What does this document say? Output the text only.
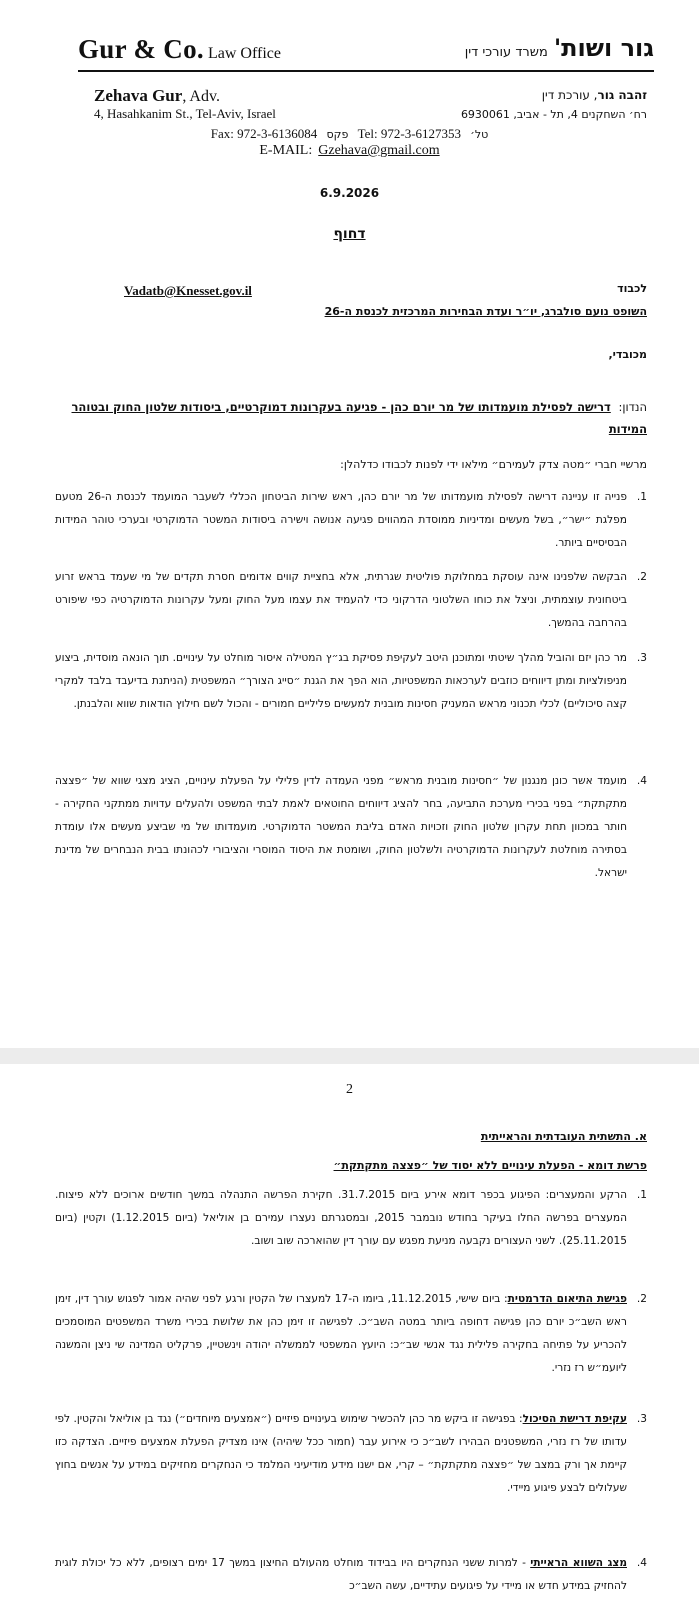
Gur & Co. Law Office	גור ושות'משרד עורכי דין
Zehava Gur, Adv.
4, Hasahkanim St., Tel-Aviv, Israel
זהבה גור, עורכת דין
רח׳ השחקנים 4, תל - אביב, 6930061
Fax: 972-3-6136084 פקס Tel: 972-3-6127353 טל׳
E-MAIL: Gzehava@gmail.com
6.9.2026
דחוף
לכבוד
Vadatb@Knesset.gov.il
השופט נועם סולברג, יו״ר ועדת הבחירות המרכזית לכנסת ה-26
מכובדי,
הנדון: דרישה לפסילת מועמדותו של מר יורם כהן - פגיעה בעקרונות דמוקרטיים, ביסודות שלטון החוק ובטוהר המידות
מרשיי חברי ״מטה צדק לעמירם״ מילאו ידי לפנות לכבודו כדלהלן:
1.
פנייה זו עניינה דרישה לפסילת מועמדותו של מר יורם כהן, ראש שירות הביטחון הכללי לשעבר המועמד לכנסת ה-26 מטעם מפלגת ״ישר״, בשל מעשים ומדיניות ממוסדת המהווים פגיעה אנושה וישירה ביסודות המשטר הדמוקרטי ובערכי טוהר המידות הבסיסיים ביותר.
2.
הבקשה שלפנינו אינה עוסקת במחלוקת פוליטית שגרתית, אלא בחציית קווים אדומים חסרת תקדים של מי שעמד בראש זרוע ביטחונית עוצמתית, וניצל את כוחו השלטוני הדרקוני כדי להעמיד את עצמו מעל החוק ומעל עקרונות הדמוקרטיה כפי שיפורט בהרחבה בהמשך.
3.
מר כהן יזם והוביל מהלך שיטתי ומתוכנן היטב לעקיפת פסיקת בג״ץ המטילה איסור מוחלט על עינויים. תוך הונאה מוסדית, ביצוע מניפולציות ומתן דיווחים כוזבים לערכאות המשפטיות, הוא הפך את הגנת ״סייג הצורך״ המשפטית (הניתנת בדיעבד בלבד למקרי קצה סיכוליים) לכלי תכנוני מראש המעניק חסינות מובנית למעשים פליליים חמורים - והכול לשם חילוץ הודאות שווא והלבנתן.
4.
מועמד אשר כונן מנגנון של ״חסינות מובנית מראש״ מפני העמדה לדין פלילי על הפעלת עינויים, הציג מצגי שווא של ״פצצה מתקתקת״ בפני בכירי מערכת התביעה, בחר להציג דיווחים החוטאים לאמת לבתי המשפט ולהעלים עדויות ממתקני החקירה - חותר במכוון תחת עקרון שלטון החוק וזכויות האדם בליבת המשטר הדמוקרטי. מועמדותו של מי שביצע מעשים אלו עומדת בסתירה מוחלטת לעקרונות הדמוקרטיה ולשלטון החוק, ושומטת את היסוד המוסרי והציבורי לכהונתו בבית הנבחרים של מדינת ישראל.
2
א. התשתית העובדתית והראייתית
פרשת דומא - הפעלת עינויים ללא יסוד של ״פצצה מתקתקת״
1.
הרקע והמעצרים: הפיגוע בכפר דומא אירע ביום 31.7.2015. חקירת הפרשה התנהלה במשך חודשים ארוכים ללא פיצוח. המעצרים בפרשה החלו בעיקר בחודש נובמבר 2015, ובמסגרתם נעצרו עמירם בן אוליאל (ביום 1.12.2015) וקטין (ביום 25.11.2015). לשני העצורים נקבעה מניעת מפגש עם עורך דין שהוארכה שוב ושוב.
2.
פגישת התיאום הדרמטית: ביום שישי, 11.12.2015, ביומו ה-17 למעצרו של הקטין ורגע לפני שהיה אמור לפגוש עורך דין, זימן ראש השב״כ יורם כהן פגישה דחופה ביותר במטה השב״כ. לפגישה זו זימן כהן את שלושת בכירי משרד המשפטים המוסמכים להכריע על פתיחה בחקירה פלילית נגד אנשי שב״כ: היועץ המשפטי לממשלה יהודה וינשטיין, פרקליט המדינה שי ניצן והמשנה ליועמ״ש רז נזרי.
3.
עקיפת דרישת הסיכול: בפגישה זו ביקש מר כהן להכשיר שימוש בעינויים פיזיים (״אמצעים מיוחדים״) נגד בן אוליאל והקטין. לפי עדותו של רז נזרי, המשפטנים הבהירו לשב״כ כי אירוע עבר (חמור ככל שיהיה) אינו מצדיק הפעלת אמצעים פיזיים. הצדקה כזו קיימת אך ורק במצב של ״פצצה מתקתקת״ – קרי, אם ישנו מידע מודיעיני המלמד כי הנחקרים מחזיקים במידע על אנשים בחוץ שעלולים לבצע פיגוע מיידי.
4.
מצג השווא הראייתי - למרות ששני הנחקרים היו בבידוד מוחלט מהעולם החיצון במשך 17 ימים רצופים, ללא כל יכולת לוגית להחזיק במידע חדש או מיידי על פיגועים עתידיים, עשה השב״כ
